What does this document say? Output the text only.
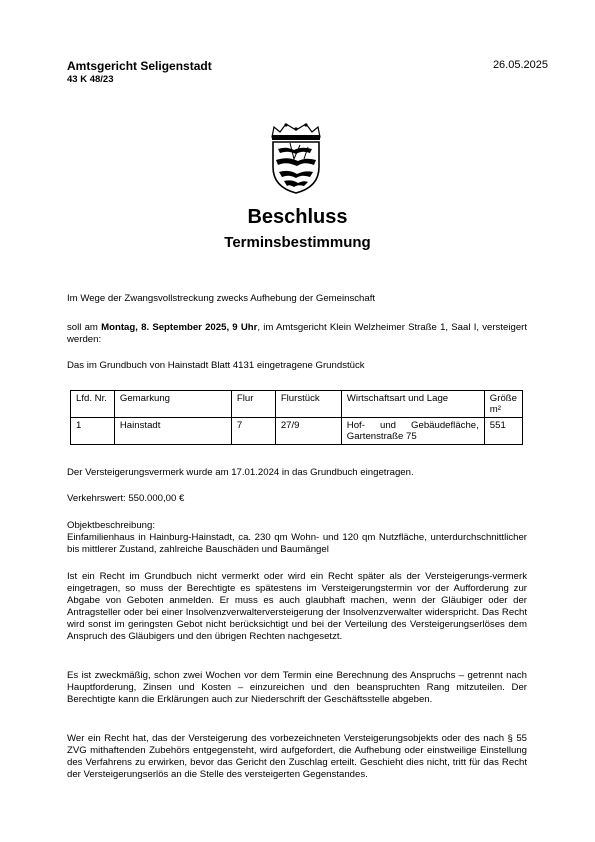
Amtsgericht Seligenstadt
43 K 48/23
26.05.2025
Beschluss
Terminsbestimmung
Im Wege der Zwangsvollstreckung zwecks Aufhebung der Gemeinschaft
soll am Montag, 8. September 2025, 9 Uhr, im Amtsgericht Klein Welzheimer Straße 1, Saal I, versteigert werden:
Das im Grundbuch von Hainstadt Blatt 4131 eingetragene Grundstück
Lfd. Nr.	Gemarkung	Flur	Flurstück	Wirtschaftsart und Lage	Größe m²
1	Hainstadt	7	27/9	Hof- und Gebäudefläche, Gartenstraße 75	551
Der Versteigerungsvermerk wurde am 17.01.2024 in das Grundbuch eingetragen.
Verkehrswert: 550.000,00 €
Objektbeschreibung:
Einfamilienhaus in Hainburg-Hainstadt, ca. 230 qm Wohn- und 120 qm Nutzfläche, unterdurchschnittlicher bis mittlerer Zustand, zahlreiche Bauschäden und Baumängel
Ist ein Recht im Grundbuch nicht vermerkt oder wird ein Recht später als der Versteigerungs-vermerk eingetragen, so muss der Berechtigte es spätestens im Versteigerungstermin vor der Aufforderung zur Abgabe von Geboten anmelden. Er muss es auch glaubhaft machen, wenn der Gläubiger oder der Antragsteller oder bei einer Insolvenzverwalterversteigerung der Insolvenzverwalter widerspricht. Das Recht wird sonst im geringsten Gebot nicht berücksichtigt und bei der Verteilung des Versteigerungserlöses dem Anspruch des Gläubigers und den übrigen Rechten nachgesetzt.
Es ist zweckmäßig, schon zwei Wochen vor dem Termin eine Berechnung des Anspruchs – getrennt nach Hauptforderung, Zinsen und Kosten – einzureichen und den beanspruchten Rang mitzuteilen. Der Berechtigte kann die Erklärungen auch zur Niederschrift der Geschäftsstelle abgeben.
Wer ein Recht hat, das der Versteigerung des vorbezeichneten Versteigerungsobjekts oder des nach § 55 ZVG mithaftenden Zubehörs entgegensteht, wird aufgefordert, die Aufhebung oder einstweilige Einstellung des Verfahrens zu erwirken, bevor das Gericht den Zuschlag erteilt. Geschieht dies nicht, tritt für das Recht der Versteigerungserlös an die Stelle des versteigerten Gegenstandes.
